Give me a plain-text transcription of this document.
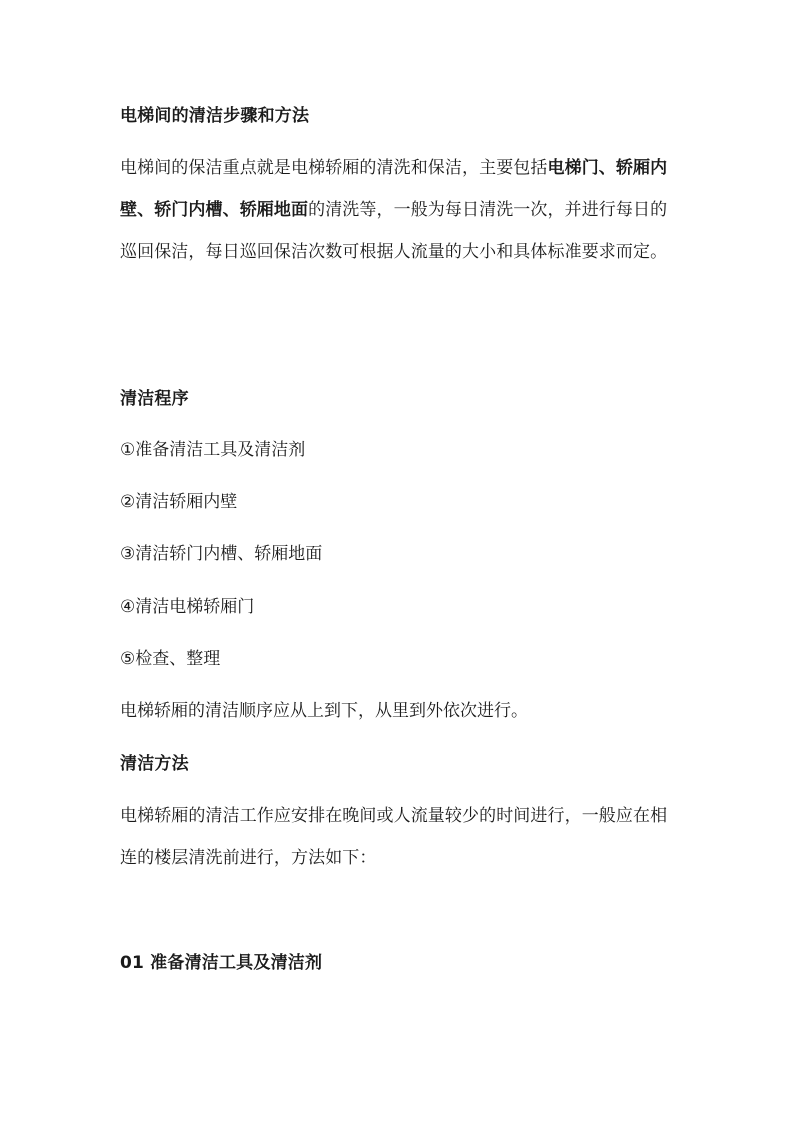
电梯间的清洁步骤和方法

电梯间的保洁重点就是电梯轿厢的清洗和保洁，主要包括电梯门、轿厢内壁、轿门内槽、轿厢地面的清洗等，一般为每日清洗一次，并进行每日的巡回保洁，每日巡回保洁次数可根据人流量的大小和具体标准要求而定。

清洁程序
①准备清洁工具及清洁剂
②清洁轿厢内壁
③清洁轿门内槽、轿厢地面
④清洁电梯轿厢门
⑤检查、整理
电梯轿厢的清洁顺序应从上到下，从里到外依次进行。
清洁方法

电梯轿厢的清洁工作应安排在晚间或人流量较少的时间进行，一般应在相连的楼层清洗前进行，方法如下：

01 准备清洁工具及清洁剂
